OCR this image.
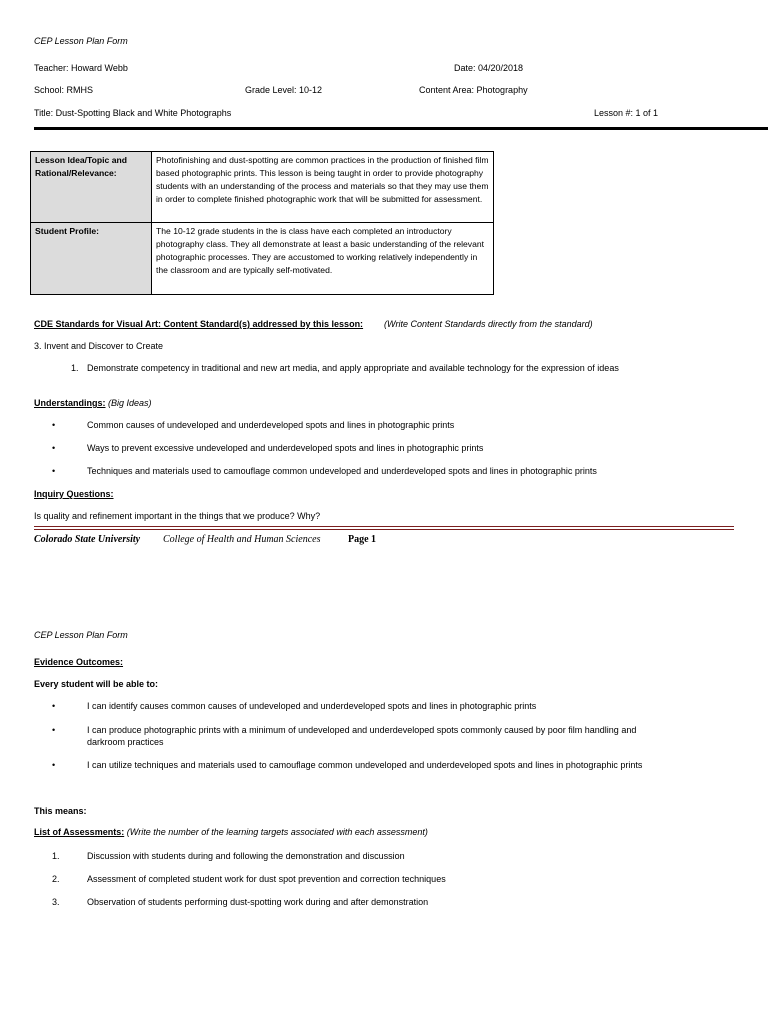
CEP Lesson Plan Form
Teacher: Howard Webb	Date: 04/20/2018
School: RMHS	Grade Level: 10-12	Content Area: Photography
Title: Dust-Spotting Black and White Photographs	Lesson #: 1 of 1
Lesson Idea/Topic and Rational/Relevance:	Photofinishing and dust-spotting are common practices in the production of finished film based photographic prints. This lesson is being taught in order to provide photography students with an understanding of the process and materials so that they may use them in order to complete finished photographic work that will be submitted for assessment.
Student Profile:	The 10-12 grade students in the is class have each completed an introductory photography class. They all demonstrate at least a basic understanding of the relevant photographic processes. They are accustomed to working relatively independently in the classroom and are typically self-motivated.
CDE Standards for Visual Art: Content Standard(s) addressed by this lesson: (Write Content Standards directly from the standard)
3. Invent and Discover to Create
1. Demonstrate competency in traditional and new art media, and apply appropriate and available technology for the expression of ideas
Understandings: (Big Ideas)
•	Common causes of undeveloped and underdeveloped spots and lines in photographic prints
•	Ways to prevent excessive undeveloped and underdeveloped spots and lines in photographic prints
•	Techniques and materials used to camouflage common undeveloped and underdeveloped spots and lines in photographic prints
Inquiry Questions:
Is quality and refinement important in the things that we produce? Why?
Colorado State University College of Health and Human Sciences	Page 1
CEP Lesson Plan Form
Evidence Outcomes:
Every student will be able to:
•	I can identify causes common causes of undeveloped and underdeveloped spots and lines in photographic prints
•	I can produce photographic prints with a minimum of undeveloped and underdeveloped spots commonly caused by poor film handling and
darkroom practices
•	I can utilize techniques and materials used to camouflage common undeveloped and underdeveloped spots and lines in photographic prints
This means:
List of Assessments: (Write the number of the learning targets associated with each assessment)
1.	Discussion with students during and following the demonstration and discussion
2.	Assessment of completed student work for dust spot prevention and correction techniques
3.	Observation of students performing dust-spotting work during and after demonstration
